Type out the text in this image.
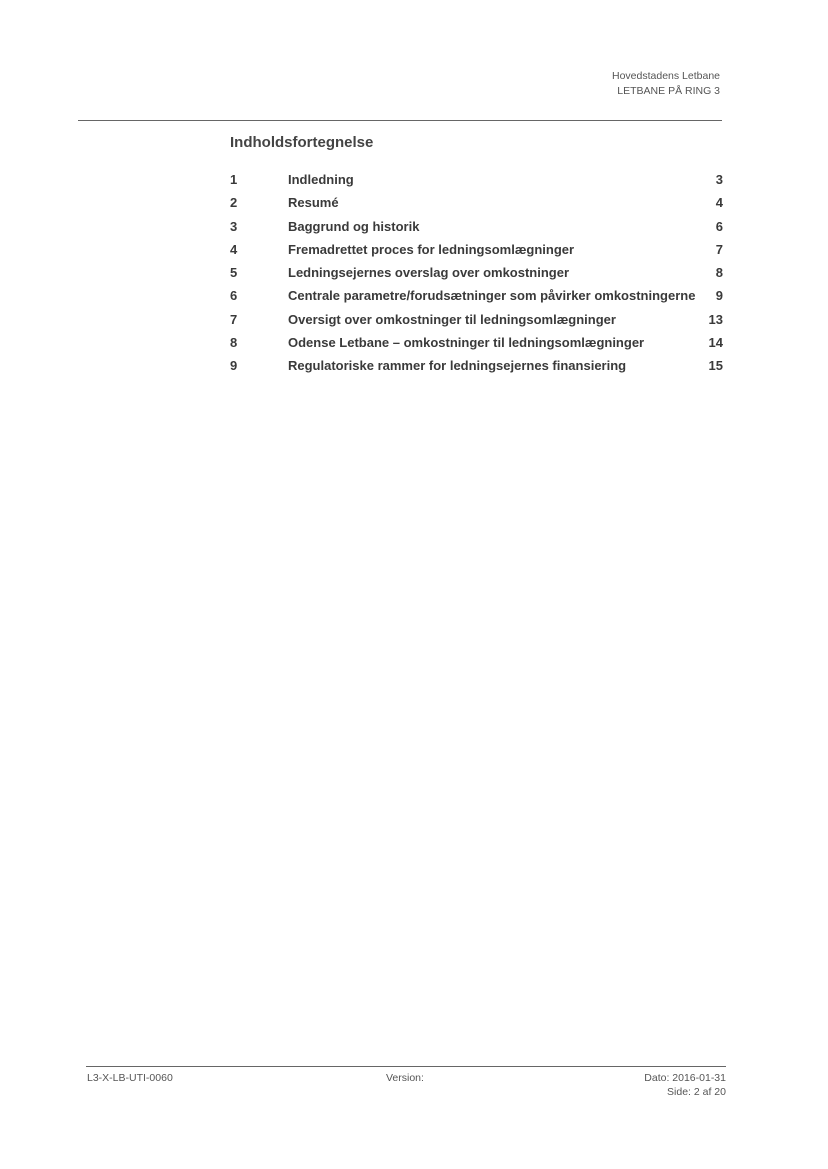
Hovedstadens Letbane
LETBANE PÅ RING 3
Indholdsfortegnelse
1	Indledning	3
2	Resumé	4
3	Baggrund og historik	6
4	Fremadrettet proces for ledningsomlægninger	7
5	Ledningsejernes overslag over omkostninger	8
6	Centrale parametre/forudsætninger som påvirker omkostningerne 9
7	Oversigt over omkostninger til ledningsomlægninger	13
8	Odense Letbane – omkostninger til ledningsomlægninger	14
9	Regulatoriske rammer for ledningsejernes finansiering	15
L3-X-LB-UTI-0060	Version:	Dato: 2016-01-31
Side: 2 af 20
